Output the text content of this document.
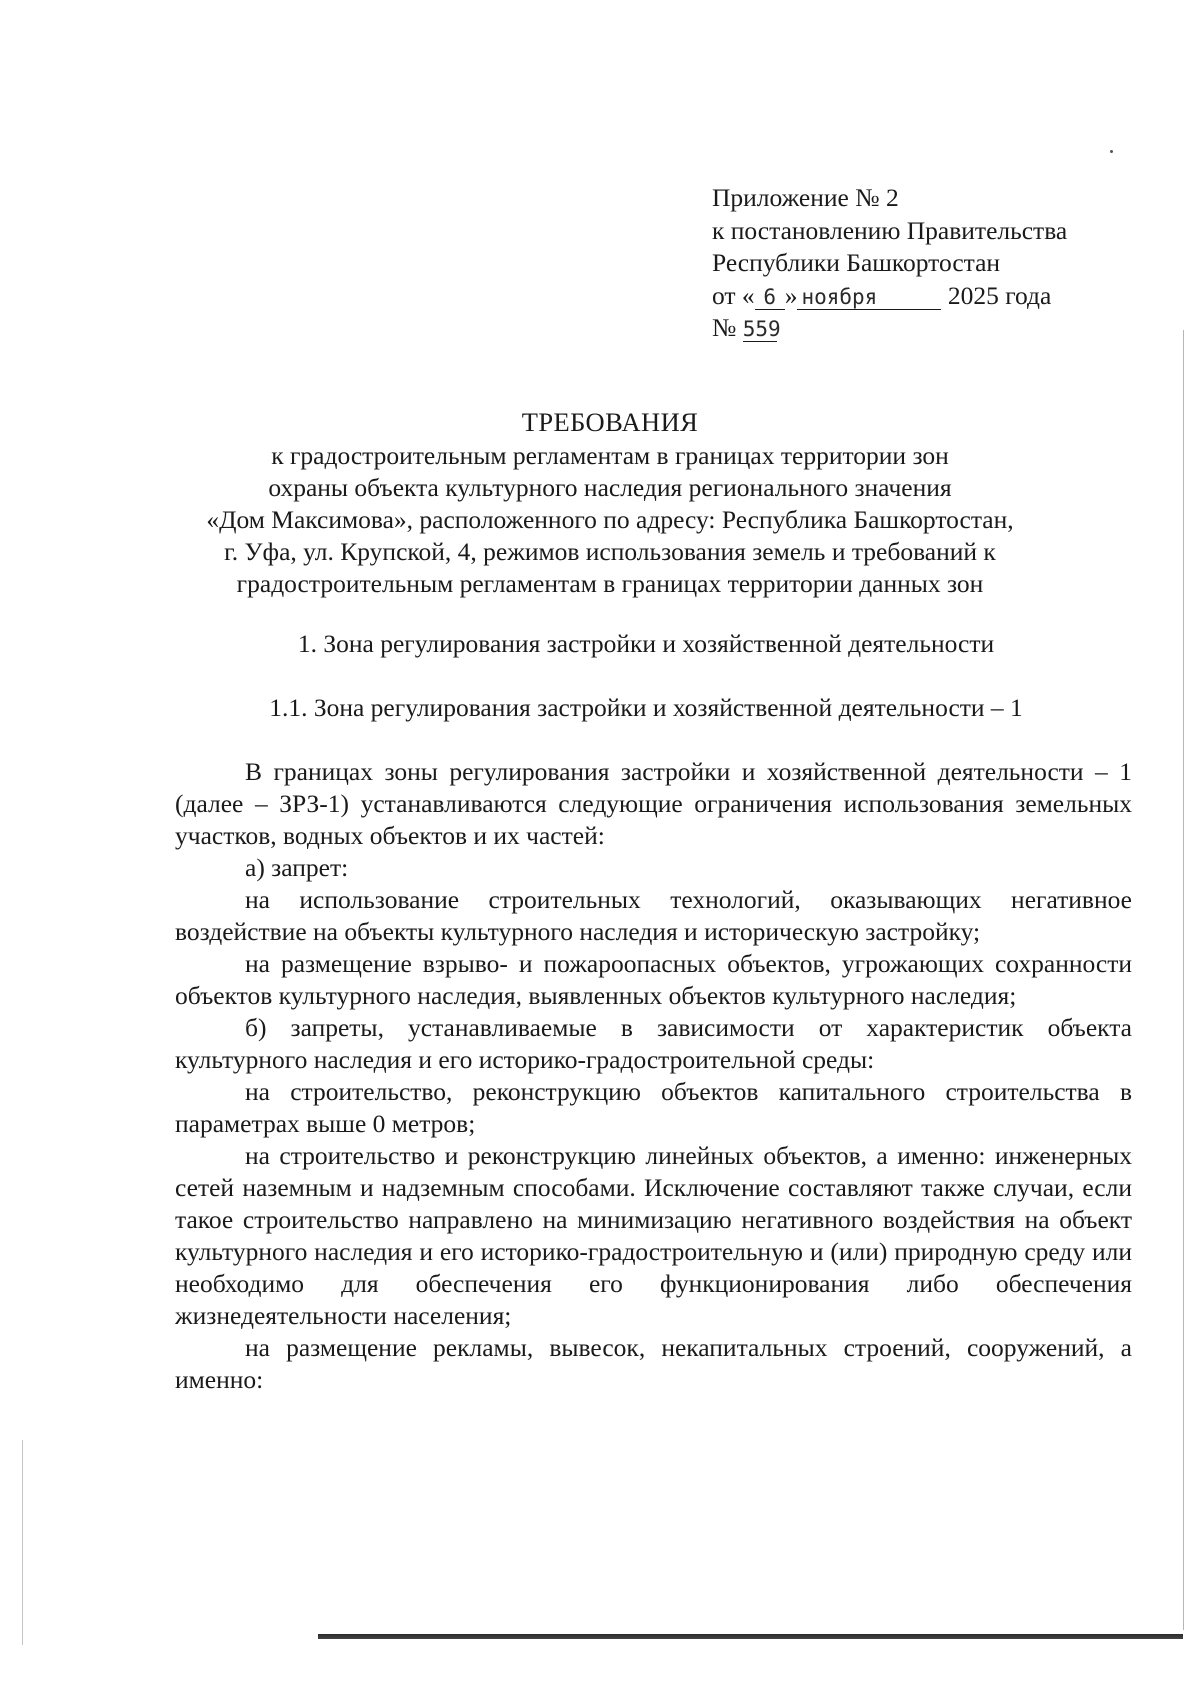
Приложение № 2
к постановлению Правительства
Республики Башкортостан
от « 6 » ноября	2025 года
№ 559
ТРЕБОВАНИЯ
к градостроительным регламентам в границах территории зон
охраны объекта культурного наследия регионального значения
«Дом Максимова», расположенного по адресу: Республика Башкортостан,
г. Уфа, ул. Крупской, 4, режимов использования земель и требований к
градостроительным регламентам в границах территории данных зон
1. Зона регулирования застройки и хозяйственной деятельности
1.1. Зона регулирования застройки и хозяйственной деятельности – 1

В границах зоны регулирования застройки и хозяйственной деятельности – 1 (далее – ЗРЗ-1) устанавливаются следующие ограничения использования земельных участков, водных объектов и их частей:

а) запрет:

на использование строительных технологий, оказывающих негативное воздействие на объекты культурного наследия и историческую застройку;

на размещение взрыво- и пожароопасных объектов, угрожающих сохранности объектов культурного наследия, выявленных объектов культурного наследия;

б) запреты, устанавливаемые в зависимости от характеристик объекта культурного наследия и его историко-градостроительной среды:

на строительство, реконструкцию объектов капитального строительства в параметрах выше 0 метров;

на строительство и реконструкцию линейных объектов, а именно: инженерных сетей наземным и надземным способами. Исключение составляют также случаи, если такое строительство направлено на минимизацию негативного воздействия на объект культурного наследия и его историко-градостроительную и (или) природную среду или необходимо для обеспечения его функционирования либо обеспечения жизнедеятельности населения;

на размещение рекламы, вывесок, некапитальных строений, сооружений, а именно:
